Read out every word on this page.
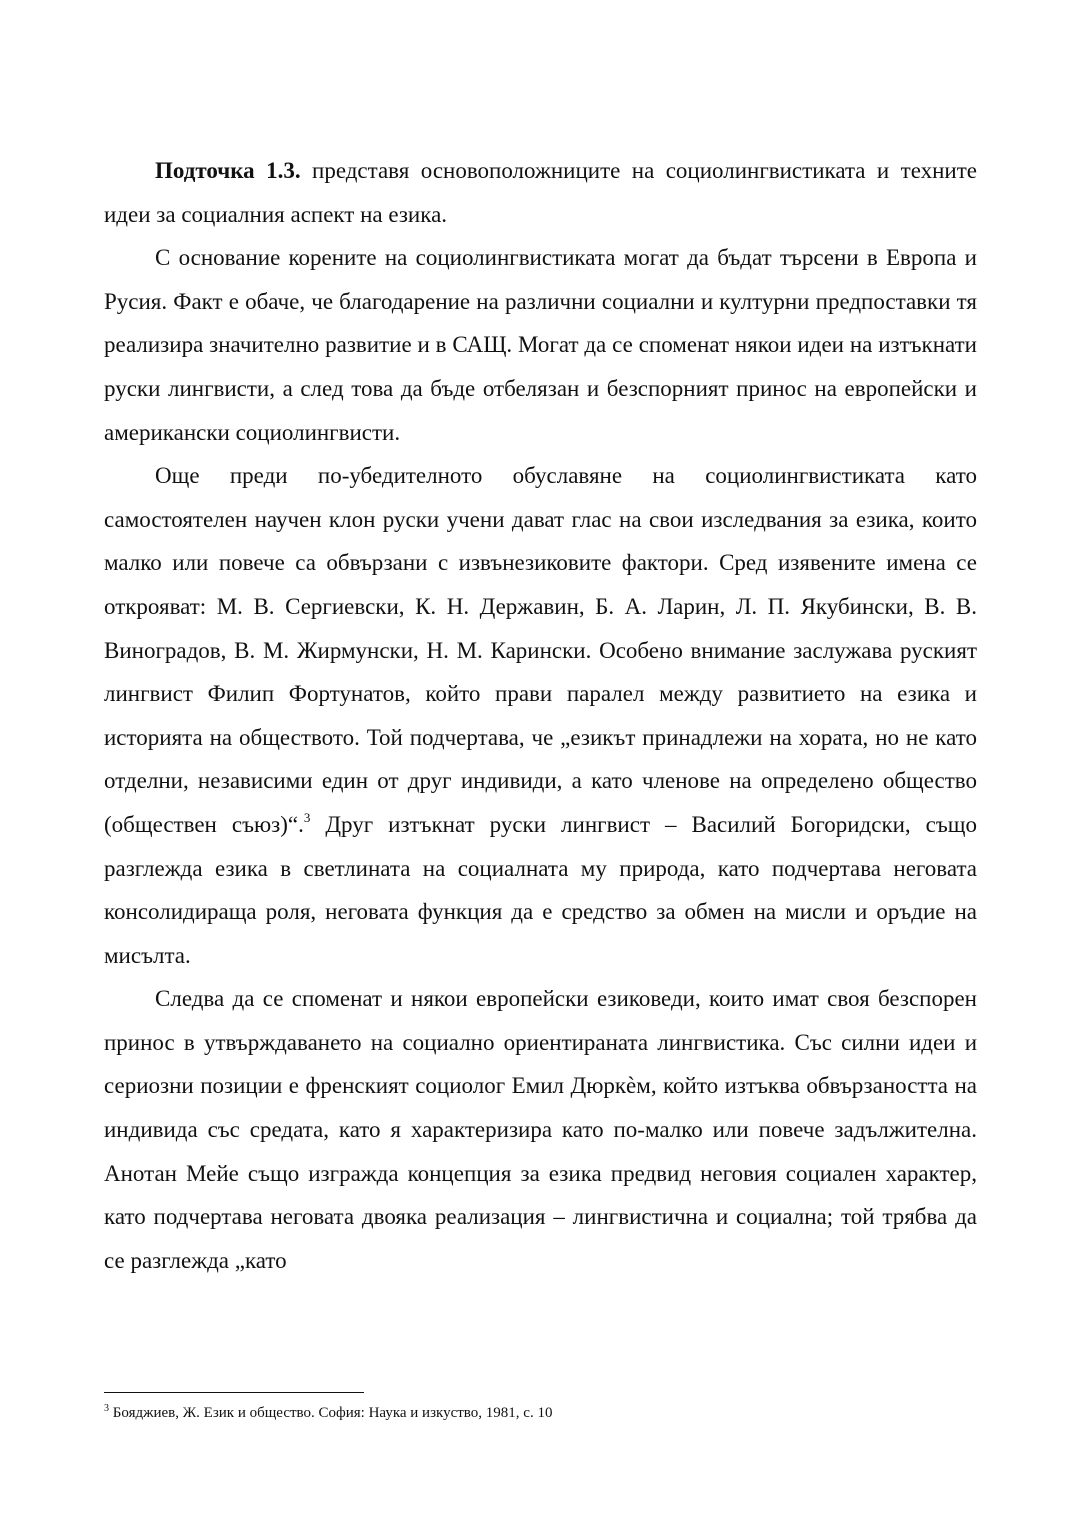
Подточка 1.3. представя основоположниците на социолингвистиката и техните идеи за социалния аспект на езика.

С основание корените на социолингвистиката могат да бъдат търсени в Европа и Русия. Факт е обаче, че благодарение на различни социални и културни предпоставки тя реализира значително развитие и в САЩ. Могат да се споменат някои идеи на изтъкнати руски лингвисти, а след това да бъде отбелязан и безспорният принос на европейски и американски социолингвисти.

Още преди по-убедителното обуславяне на социолингвистиката като самостоятелен научен клон руски учени дават глас на свои изследвания за езика, които малко или повече са обвързани с извънезиковите фактори. Сред изявените имена се открояват: М. В. Сергиевски, К. Н. Державин, Б. А. Ларин, Л. П. Якубински, В. В. Виноградов, В. М. Жирмунски, Н. М. Карински. Особено внимание заслужава руският лингвист Филип Фортунатов, който прави паралел между развитието на езика и историята на обществото. Той подчертава, че „езикът принадлежи на хората, но не като отделни, независими един от друг индивиди, а като членове на определено общество (обществен съюз)“.$^3$ Друг изтъкнат руски лингвист – Василий Богоридски, също разглежда езика в светлината на социалната му природа, като подчертава неговата консолидираща роля, неговата функция да е средство за обмен на мисли и оръдие на мисълта.

Следва да се споменат и някои европейски езиковеди, които имат своя безспорен принос в утвърждаването на социално ориентираната лингвистика. Със силни идеи и сериозни позиции е френският социолог Емил Дюркѐм, който изтъква обвързаността на индивида със средата, като я характеризира като по-малко или повече задължителна. Анотан Мейе също изгражда концепция за езика предвид неговия социален характер, като подчертава неговата двояка реализация – лингвистична и социална; той трябва да се разглежда „като

$^3$ Бояджиев, Ж. Език и общество. София: Наука и изкуство, 1981, с. 10
